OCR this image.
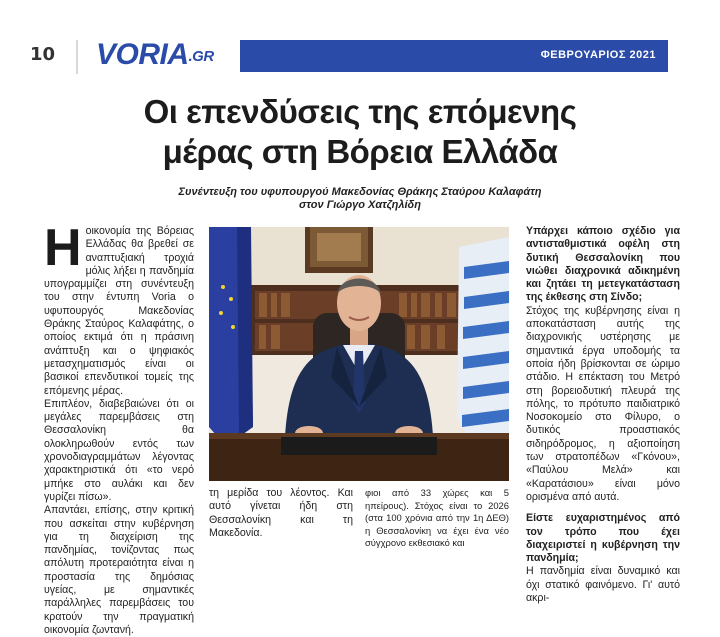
10 $VORIA^{.GR}$	ΦΕΒΡΟΥΑΡΙΟΣ 2021
Οι επενδύσεις της επόμενης
μέρας στη Βόρεια Ελλάδα
Συνέντευξη του υφυπουργού Μακεδονίας Θράκης Σταύρου Καλαφάτη
στον Γιώργο Χατζηλίδη
Η οικονομία της Βόρειας Ελλάδας θα βρεθεί σε αναπτυξιακή τροχιά μόλις λήξει η πανδημία υπογραμμίζει στη συνέντευξη του στην έντυπη Voria ο υφυπουργός Μακεδονίας Θράκης Σταύρος Καλαφάτης, ο οποίος εκτιμά ότι η πράσινη ανάπτυξη και ο ψηφιακός μετασχηματισμός είναι οι βασικοί επενδυτικοί τομείς της επόμενης μέρας.

Επιπλέον, διαβεβαιώνει ότι οι μεγάλες παρεμβάσεις στη Θεσσαλονίκη θα ολοκληρωθούν εντός των χρονοδιαγραμμάτων λέγοντας χαρακτηριστικά ότι «το νερό μπήκε στο αυλάκι και δεν γυρίζει πίσω».

Απαντάει, επίσης, στην κριτική που ασκείται στην κυβέρνηση για τη διαχείριση της πανδημίας, τονίζοντας πως απόλυτη προτεραιότητα είναι η προστασία της δημόσιας υγείας, με σημαντικές παράλληλες παρεμβάσεις του κρατούν την πραγματική οικονομία ζωντανή.

τη μερίδα του λέοντος. Και αυτό γίνεται ήδη στη Θεσσαλονίκη και τη Μακεδονία.

φιοι από 33 χώρες και 5 ηπείρους). Στόχος είναι το 2026 (στα 100 χρόνια από την 1η ΔΕΘ) η Θεσσαλονίκη να έχει ένα νέο σύγχρονο εκθεσιακό και

Υπάρχει κάποιο σχέδιο για αντισταθμιστικά οφέλη στη δυτική Θεσσαλονίκη που νιώθει διαχρονικά αδικημένη και ζητάει τη μετεγκατάσταση της έκθεσης στη Σίνδο;

Στόχος της κυβέρνησης είναι η αποκατάσταση αυτής της διαχρονικής υστέρησης με σημαντικά έργα υποδομής τα οποία ήδη βρίσκονται σε ώριμο στάδιο. Η επέκταση του Μετρό στη βορειοδυτική πλευρά της πόλης, το πρότυπο παιδιατρικό Νοσοκομείο στο Φίλυρο, ο δυτικός προαστιακός σιδηρόδρομος, η αξιοποίηση των στρατοπέδων «Γκόνου», «Παύλου Μελά» και «Καρατάσιου» είναι μόνο ορισμένα από αυτά.

Είστε ευχαριστημένος από τον τρόπο που έχει διαχειριστεί η κυβέρνηση την πανδημία;

Η πανδημία είναι δυναμικό και όχι στατικό φαινόμενο. Γι' αυτό ακρι-
